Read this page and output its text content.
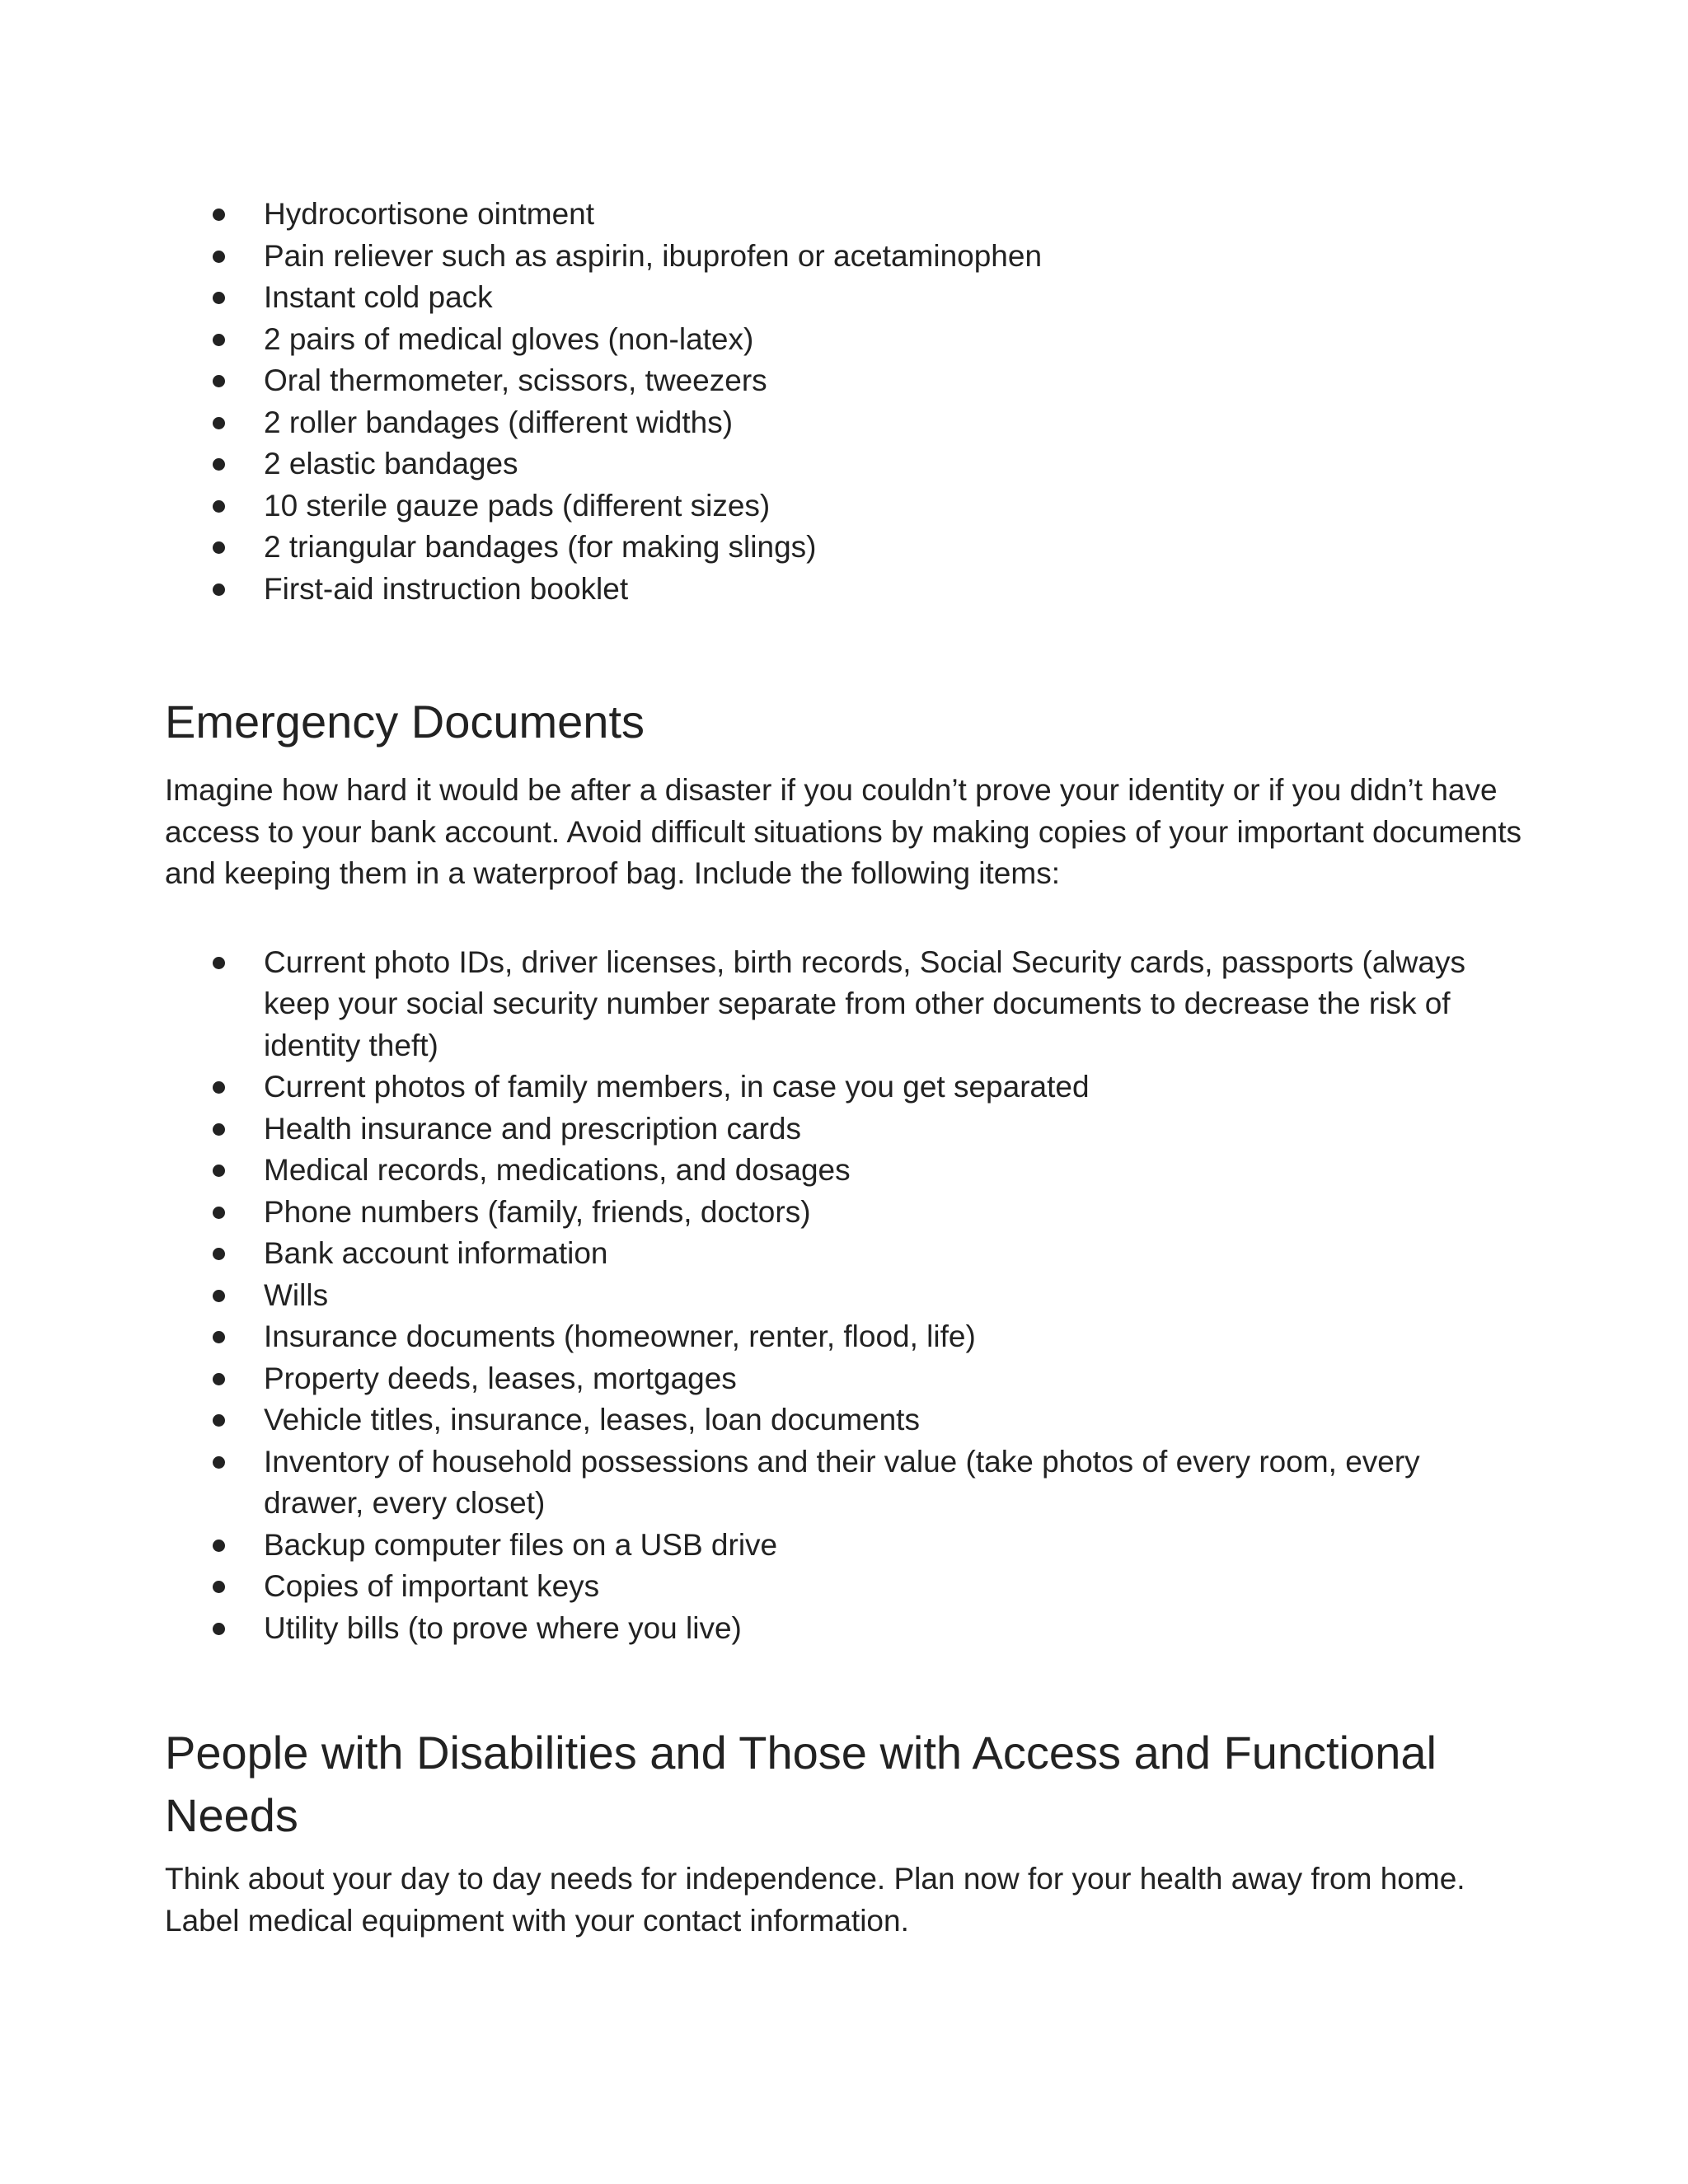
Hydrocortisone ointment
Pain reliever such as aspirin, ibuprofen or acetaminophen
Instant cold pack
2 pairs of medical gloves (non-latex)
Oral thermometer, scissors, tweezers
2 roller bandages (different widths)
2 elastic bandages
10 sterile gauze pads (different sizes)
2 triangular bandages (for making slings)
First-aid instruction booklet
Emergency Documents

Imagine how hard it would be after a disaster if you couldn’t prove your identity or if you didn’t have access to your bank account. Avoid difficult situations by making copies of your important documents and keeping them in a waterproof bag. Include the following items:

Current photo IDs, driver licenses, birth records, Social Security cards, passports (always keep your social security number separate from other documents to decrease the risk of identity theft)
Current photos of family members, in case you get separated
Health insurance and prescription cards
Medical records, medications, and dosages
Phone numbers (family, friends, doctors)
Bank account information
Wills
Insurance documents (homeowner, renter, flood, life)
Property deeds, leases, mortgages
Vehicle titles, insurance, leases, loan documents
Inventory of household possessions and their value (take photos of every room, every drawer, every closet)
Backup computer files on a USB drive
Copies of important keys
Utility bills (to prove where you live)
People with Disabilities and Those with Access and Functional Needs

Think about your day to day needs for independence. Plan now for your health away from home. Label medical equipment with your contact information.
